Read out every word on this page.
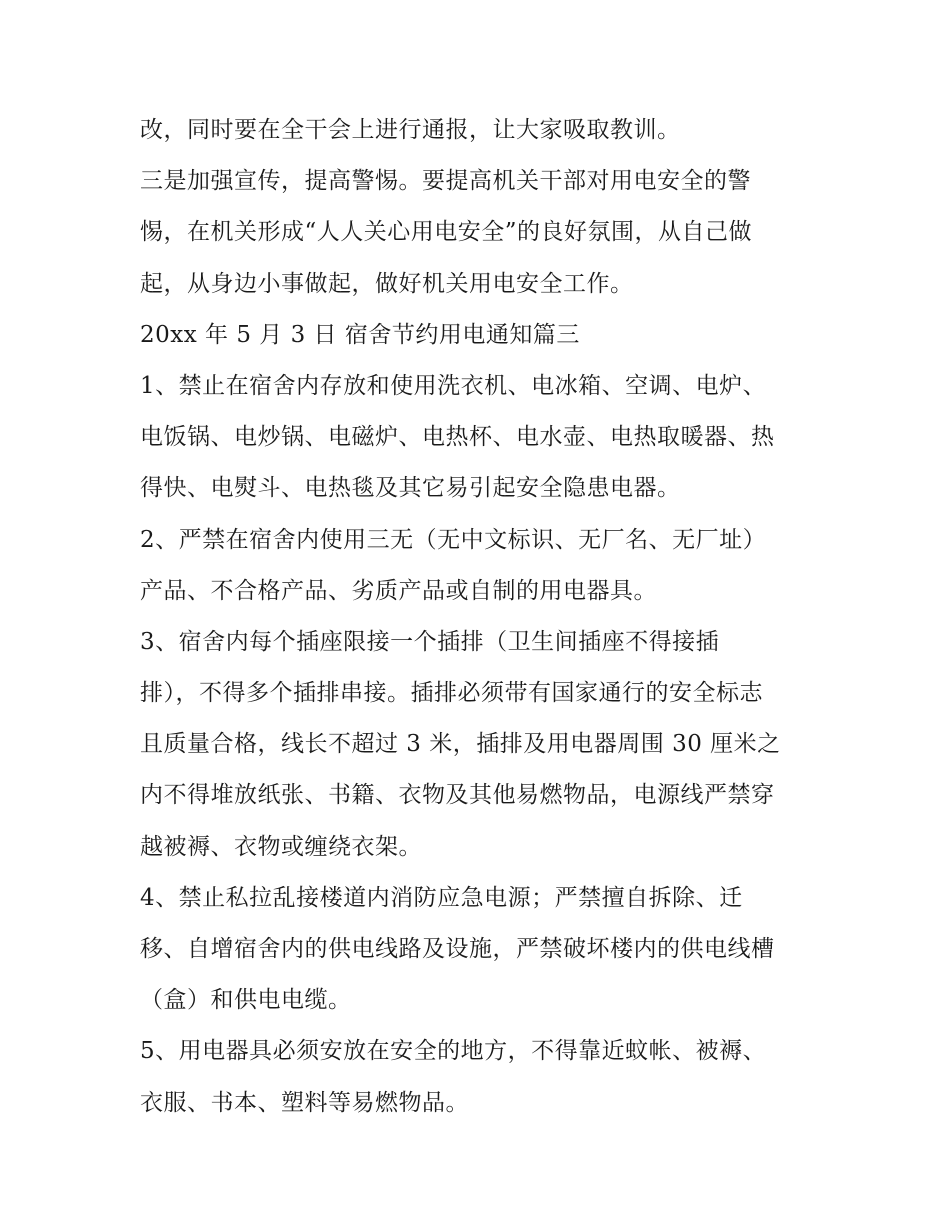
改，同时要在全干会上进行通报，让大家吸取教训。
三是加强宣传，提高警惕。要提高机关干部对用电安全的警
惕，在机关形成“人人关心用电安全”的良好氛围，从自己做
起，从身边小事做起，做好机关用电安全工作。
20xx 年 5 月 3 日 宿舍节约用电通知篇三
1、禁止在宿舍内存放和使用洗衣机、电冰箱、空调、电炉、
电饭锅、电炒锅、电磁炉、电热杯、电水壶、电热取暖器、热
得快、电熨斗、电热毯及其它易引起安全隐患电器。
2、严禁在宿舍内使用三无（无中文标识、无厂名、无厂址）
产品、不合格产品、劣质产品或自制的用电器具。
3、宿舍内每个插座限接一个插排（卫生间插座不得接插
排），不得多个插排串接。插排必须带有国家通行的安全标志
且质量合格，线长不超过 3 米，插排及用电器周围 30 厘米之
内不得堆放纸张、书籍、衣物及其他易燃物品，电源线严禁穿
越被褥、衣物或缠绕衣架。
4、禁止私拉乱接楼道内消防应急电源；严禁擅自拆除、迁
移、自增宿舍内的供电线路及设施，严禁破坏楼内的供电线槽
（盒）和供电电缆。
5、用电器具必须安放在安全的地方，不得靠近蚊帐、被褥、
衣服、书本、塑料等易燃物品。
